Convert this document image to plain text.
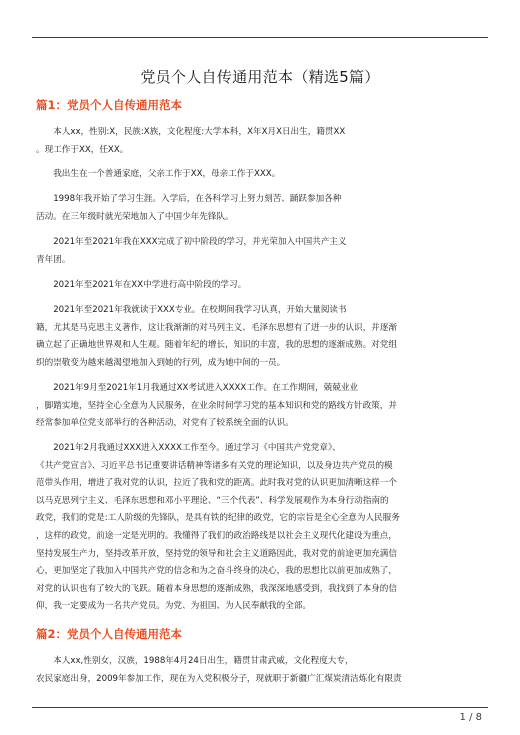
党员个人自传通用范本（精选5篇）
篇1：党员个人自传通用范本
　　本人xx，性别:X，民族:X族，文化程度:大学本科，X年X月X日出生，籍贯XX
。现工作于XX，任XX。
　　我出生在一个普通家庭，父亲工作于XX，母亲工作于XXX。
　　1998年我开始了学习生涯。入学后，在各科学习上努力刻苦、踊跃参加各种
活动。在三年级时就光荣地加入了中国少年先锋队。
　　2021年至2021年我在XXX完成了初中阶段的学习，并光荣加入中国共产主义
青年团。
　　2021年至2021年在XX中学进行高中阶段的学习。
　　2021年至2021年我就读于XXX专业。在校期间我学习认真，开始大量阅读书
籍，尤其是马克思主义著作，这让我渐渐的对马列主义、毛泽东思想有了进一步的认识，并逐渐
确立起了正确地世界观和人生观。随着年纪的增长，知识的丰富，我的思想的逐渐成熟。对党组
织的崇敬变为越来越渴望地加入到她的行列，成为她中间的一员。
　　2021年9月至2021年1月我通过XX考试进入XXXX工作。在工作期间，兢兢业业
，脚踏实地，坚持全心全意为人民服务，在业余时间学习党的基本知识和党的路线方针政策，并
经常参加单位党支部举行的各种活动，对党有了较系统全面的认识。
　　2021年2月我通过XXX进入XXXX工作至今。通过学习《中国共产党党章》、
《共产党宣言》、习近平总书记重要讲话精神等诸多有关党的理论知识，以及身边共产党员的模
范带头作用，增进了我对党的认识，拉近了我和党的距离。此时我对党的认识更加清晰这样一个
以马克思列宁主义、毛泽东思想和邓小平理论、“三个代表”、科学发展观作为本身行动指南的
政党，我们的党是:工人阶级的先锋队，是具有铁的纪律的政党，它的宗旨是全心全意为人民服务
，这样的政党，前途一定是光明的。我懂得了我们的政治路线是以社会主义现代化建设为重点，
坚持发展生产力，坚持改革开放，坚持党的领导和社会主义道路因此，我对党的前途更加充满信
心，更加坚定了我加入中国共产党的信念和为之奋斗终身的决心，我的思想比以前更加成熟了，
对党的认识也有了较大的飞跃。随着本身思想的逐渐成熟，我深深地感受到，我找到了本身的信
仰，我一定要成为一名共产党员。为党、为祖国、为人民奉献我的全部。
篇2：党员个人自传通用范本
　　本人xx,性别女，汉族，1988年4月24日出生，籍贯甘肃武威，文化程度大专，
农民家庭出身，2009年参加工作，现在为入党积极分子，现就职于新疆广汇煤炭清洁炼化有限责
1 / 8
